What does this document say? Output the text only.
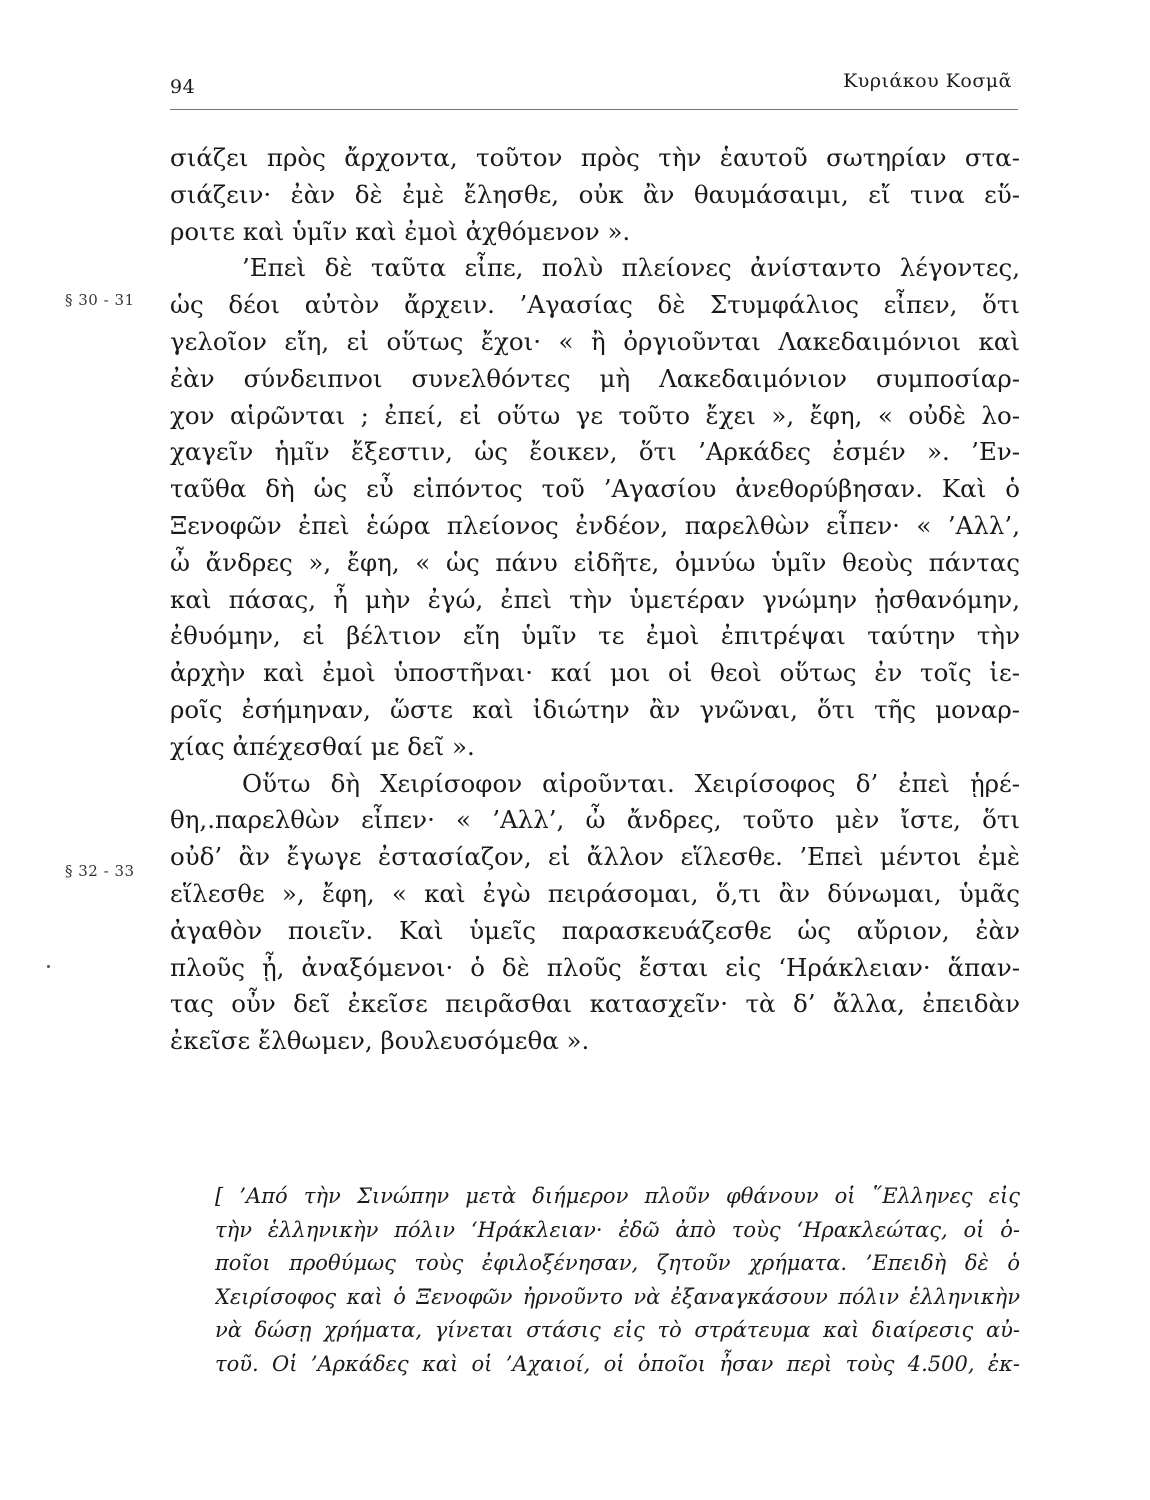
94	Κυριάκου Κοσμᾶ
§ 30 - 31
§ 32 - 33
σιάζει πρὸς ἄρχοντα, τοῦτον πρὸς τὴν ἑαυτοῦ σωτηρίαν στα-
σιάζειν· ἐὰν δὲ ἐμὲ ἔλησθε, οὐκ ἂν θαυμάσαιμι, εἴ τινα εὕ-
ροιτε καὶ ὑμῖν καὶ ἐμοὶ ἀχθόμενον ».
’Επεὶ δὲ ταῦτα εἶπε, πολὺ πλείονες ἀνίσταντο λέγοντες,
ὡς δέοι αὐτὸν ἄρχειν. ’Αγασίας δὲ Στυμφάλιος εἶπεν, ὅτι
γελοῖον εἴη, εἰ οὕτως ἔχοι· « ἢ ὀργιοῦνται Λακεδαιμόνιοι καὶ
ἐὰν σύνδειπνοι συνελθόντες μὴ Λακεδαιμόνιον συμποσίαρ-
χον αἱρῶνται ; ἐπεί, εἰ οὕτω γε τοῦτο ἔχει », ἔφη, « οὐδὲ λο-
χαγεῖν ἡμῖν ἔξεστιν, ὡς ἔοικεν, ὅτι ’Αρκάδες ἐσμέν ». ’Εν-
ταῦθα δὴ ὡς εὖ εἰπόντος τοῦ ’Αγασίου ἀνεθορύβησαν. Καὶ ὁ
Ξενοφῶν ἐπεὶ ἑώρα πλείονος ἐνδέον, παρελθὼν εἶπεν· « ’Αλλ’,
ὦ ἄνδρες », ἔφη, « ὡς πάνυ εἰδῆτε, ὀμνύω ὑμῖν θεοὺς πάντας
καὶ πάσας, ἦ μὴν ἐγώ, ἐπεὶ τὴν ὑμετέραν γνώμην ᾐσθανόμην,
ἐθυόμην, εἰ βέλτιον εἴη ὑμῖν τε ἐμοὶ ἐπιτρέψαι ταύτην τὴν
ἀρχὴν καὶ ἐμοὶ ὑποστῆναι· καί μοι οἱ θεοὶ οὕτως ἐν τοῖς ἱε-
ροῖς ἐσήμηναν, ὥστε καὶ ἰδιώτην ἂν γνῶναι, ὅτι τῆς μοναρ-
χίας ἀπέχεσθαί με δεῖ ».
Οὕτω δὴ Χειρίσοφον αἱροῦνται. Χειρίσοφος δ’ ἐπεὶ ᾑρέ-
θη,.παρελθὼν εἶπεν· « ’Αλλ’, ὦ ἄνδρες, τοῦτο μὲν ἴστε, ὅτι
οὐδ’ ἂν ἔγωγε ἐστασίαζον, εἰ ἄλλον εἵλεσθε. ’Επεὶ μέντοι ἐμὲ
εἵλεσθε », ἔφη, « καὶ ἐγὼ πειράσομαι, ὅ,τι ἂν δύνωμαι, ὑμᾶς
ἀγαθὸν ποιεῖν. Καὶ ὑμεῖς παρασκευάζεσθε ὡς αὔριον, ἐὰν
πλοῦς ᾖ, ἀναξόμενοι· ὁ δὲ πλοῦς ἔσται εἰς ‘Ηράκλειαν· ἅπαν-
τας οὖν δεῖ ἐκεῖσε πειρᾶσθαι κατασχεῖν· τὰ δ’ ἄλλα, ἐπειδὰν
ἐκεῖσε ἔλθωμεν, βουλευσόμεθα ».
[ ’Από τὴν Σινώπην μετὰ διήμερον πλοῦν φθάνουν οἱ ῞Ελληνες εἰς
τὴν ἑλληνικὴν πόλιν ‘Ηράκλειαν· ἐδῶ ἀπὸ τοὺς ‘Ηρακλεώτας, οἱ ὁ-
ποῖοι προθύμως τοὺς ἐφιλοξένησαν, ζητοῦν χρήματα. ’Επειδὴ δὲ ὁ
Χειρίσοφος καὶ ὁ Ξενοφῶν ἠρνοῦντο νὰ ἐξαναγκάσουν πόλιν ἑλληνικὴν
νὰ δώσῃ χρήματα, γίνεται στάσις εἰς τὸ στράτευμα καὶ διαίρεσις αὐ-
τοῦ. Οἱ ’Αρκάδες καὶ οἱ ’Αχαιοί, οἱ ὁποῖοι ἦσαν περὶ τοὺς 4.500, ἐκ-
